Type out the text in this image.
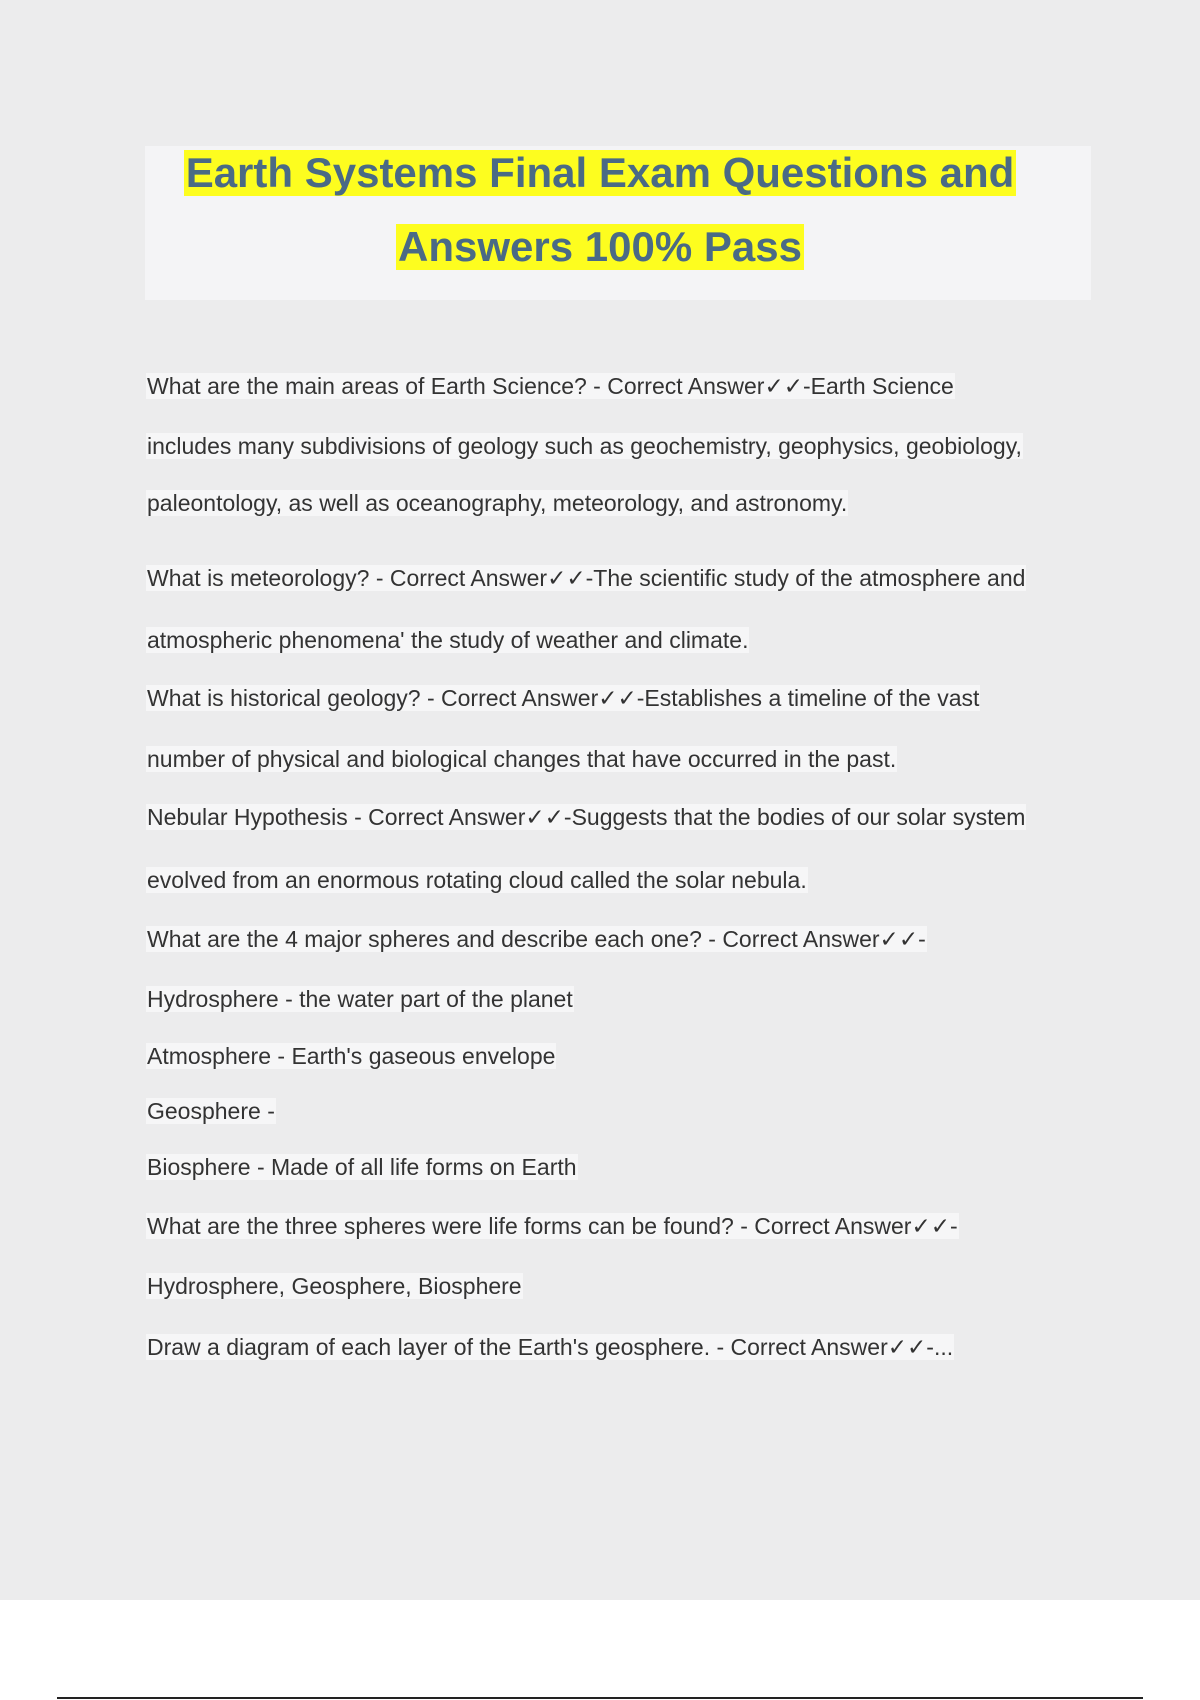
Earth Systems Final Exam Questions and
Answers 100% Pass
What are the main areas of Earth Science? - Correct Answer✓✓-Earth Science
includes many subdivisions of geology such as geochemistry, geophysics, geobiology,
paleontology, as well as oceanography, meteorology, and astronomy.
What is meteorology? - Correct Answer✓✓-The scientific study of the atmosphere and
atmospheric phenomena' the study of weather and climate.
What is historical geology? - Correct Answer✓✓-Establishes a timeline of the vast
number of physical and biological changes that have occurred in the past.
Nebular Hypothesis - Correct Answer✓✓-Suggests that the bodies of our solar system
evolved from an enormous rotating cloud called the solar nebula.
What are the 4 major spheres and describe each one? - Correct Answer✓✓-
Hydrosphere - the water part of the planet
Atmosphere - Earth's gaseous envelope
Geosphere -
Biosphere - Made of all life forms on Earth
What are the three spheres were life forms can be found? - Correct Answer✓✓-
Hydrosphere, Geosphere, Biosphere
Draw a diagram of each layer of the Earth's geosphere. - Correct Answer✓✓-...
